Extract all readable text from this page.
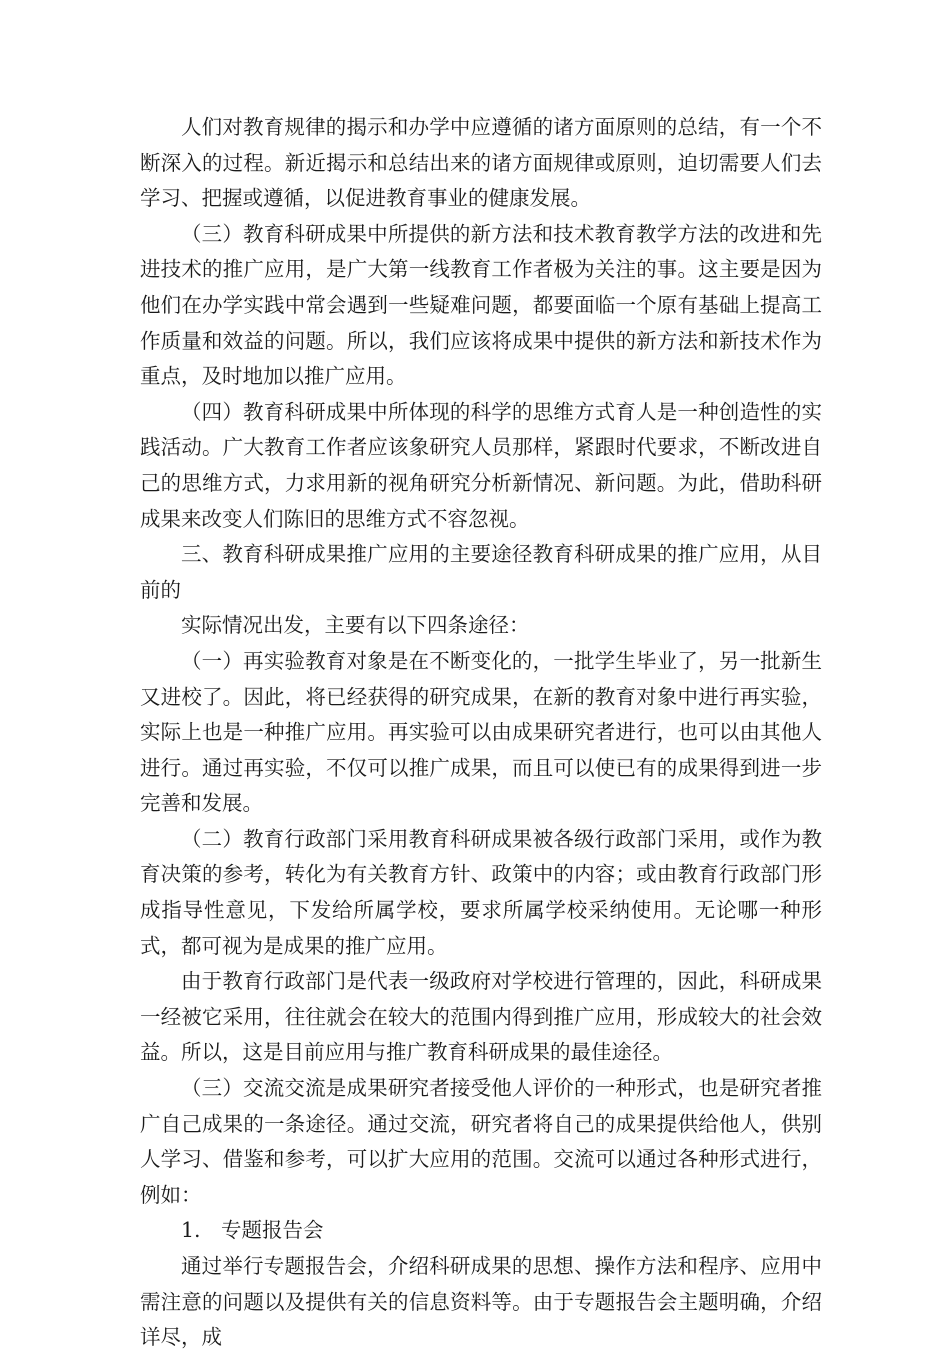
人们对教育规律的揭示和办学中应遵循的诸方面原则的总结，有一个不断深入的过程。新近揭示和总结出来的诸方面规律或原则，迫切需要人们去学习、把握或遵循，以促进教育事业的健康发展。

（三）教育科研成果中所提供的新方法和技术教育教学方法的改进和先进技术的推广应用，是广大第一线教育工作者极为关注的事。这主要是因为他们在办学实践中常会遇到一些疑难问题，都要面临一个原有基础上提高工作质量和效益的问题。所以，我们应该将成果中提供的新方法和新技术作为重点，及时地加以推广应用。

（四）教育科研成果中所体现的科学的思维方式育人是一种创造性的实践活动。广大教育工作者应该象研究人员那样，紧跟时代要求，不断改进自己的思维方式，力求用新的视角研究分析新情况、新问题。为此，借助科研成果来改变人们陈旧的思维方式不容忽视。

三、教育科研成果推广应用的主要途径教育科研成果的推广应用，从目前的

实际情况出发，主要有以下四条途径：

（一）再实验教育对象是在不断变化的，一批学生毕业了，另一批新生又进校了。因此，将已经获得的研究成果，在新的教育对象中进行再实验，实际上也是一种推广应用。再实验可以由成果研究者进行，也可以由其他人进行。通过再实验，不仅可以推广成果，而且可以使已有的成果得到进一步完善和发展。

（二）教育行政部门采用教育科研成果被各级行政部门采用，或作为教育决策的参考，转化为有关教育方针、政策中的内容；或由教育行政部门形成指导性意见，下发给所属学校，要求所属学校采纳使用。无论哪一种形式，都可视为是成果的推广应用。

由于教育行政部门是代表一级政府对学校进行管理的，因此，科研成果一经被它采用，往往就会在较大的范围内得到推广应用，形成较大的社会效益。所以，这是目前应用与推广教育科研成果的最佳途径。

（三）交流交流是成果研究者接受他人评价的一种形式，也是研究者推广自己成果的一条途径。通过交流，研究者将自己的成果提供给他人，供别人学习、借鉴和参考，可以扩大应用的范围。交流可以通过各种形式进行，例如：

1.　专题报告会

通过举行专题报告会，介绍科研成果的思想、操作方法和程序、应用中需注意的问题以及提供有关的信息资料等。由于专题报告会主题明确，介绍详尽，成
